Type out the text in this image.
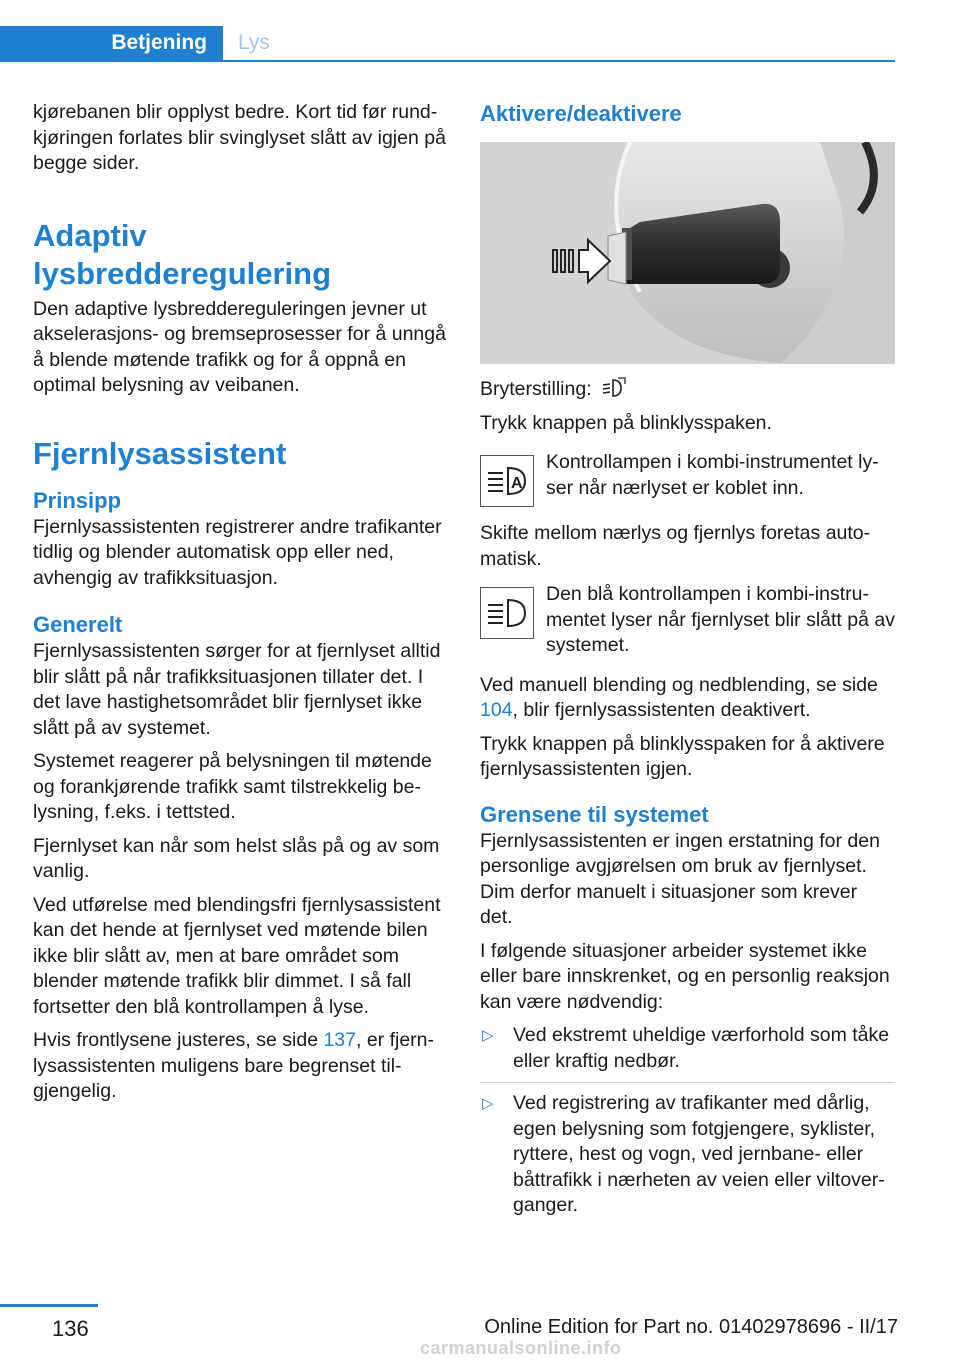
Betjening	Lys

kjørebanen blir opplyst bedre. Kort tid før rundkjøringen forlates blir svinglyset slått av igjen på begge sider.

Adaptiv lysbredderegulering

Den adaptive lysbreddereguleringen jevner ut akselerasjons- og bremseprosesser for å unngå å blende møtende trafikk og for å oppnå en optimal belysning av veibanen.

Fjernlysassistent
Prinsipp

Fjernlysassistenten registrerer andre trafikanter tidlig og blender automatisk opp eller ned, avhengig av trafikksituasjon.

Generelt

Fjernlysassistenten sørger for at fjernlyset alltid blir slått på når trafikksituasjonen tillater det. I det lave hastighetsområdet blir fjernlyset ikke slått på av systemet.

Systemet reagerer på belysningen til møtende og forankjørende trafikk samt tilstrekkelig belysning, f.eks. i tettsted.

Fjernlyset kan når som helst slås på og av som vanlig.

Ved utførelse med blendingsfri fjernlysassistent kan det hende at fjernlyset ved møtende bilen ikke blir slått av, men at bare området som blender møtende trafikk blir dimmet. I så fall fortsetter den blå kontrollampen å lyse.

Hvis frontlysene justeres, se side 137, er fjernlysassistenten muligens bare begrenset tilgjengelig.

Aktivere/deaktivere

Bryterstilling:

Trykk knappen på blinklysspaken.

A

Kontrollampen i kombi-instrumentet lyser når nærlyset er koblet inn.

Skifte mellom nærlys og fjernlys foretas automatisk.

Den blå kontrollampen i kombi-instrumentet lyser når fjernlyset blir slått på av systemet.

Ved manuell blending og nedblending, se side 104, blir fjernlysassistenten deaktivert.

Trykk knappen på blinklysspaken for å aktivere fjernlysassistenten igjen.

Grensene til systemet

Fjernlysassistenten er ingen erstatning for den personlige avgjørelsen om bruk av fjernlyset. Dim derfor manuelt i situasjoner som krever det.

I følgende situasjoner arbeider systemet ikke eller bare innskrenket, og en personlig reaksjon kan være nødvendig:

▷ Ved ekstremt uheldige værforhold som tåke eller kraftig nedbør.
▷ Ved registrering av trafikanter med dårlig, egen belysning som fotgjengere, syklister, ryttere, hest og vogn, ved jernbane- eller båttrafikk i nærheten av veien eller viltoverganger.
136	Online Edition for Part no. 01402978696 - II/17
carmanualsonline.info
